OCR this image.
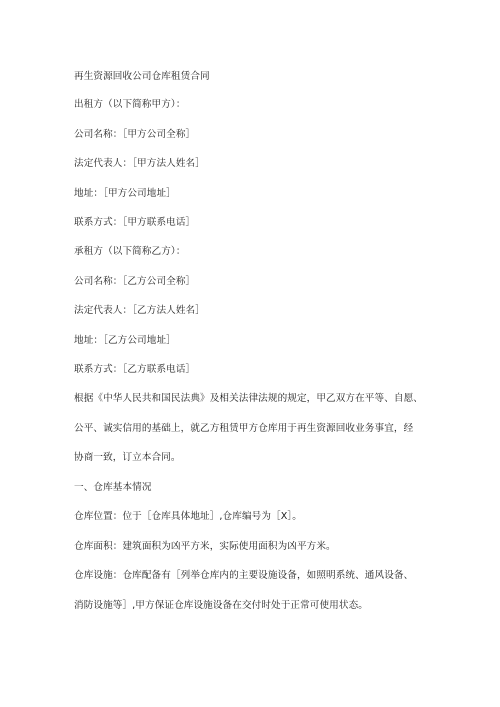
再生资源回收公司仓库租赁合同
出租方（以下简称甲方）：
公司名称：［甲方公司全称］
法定代表人：［甲方法人姓名］
地址：［甲方公司地址］
联系方式：［甲方联系电话］
承租方（以下简称乙方）：
公司名称：［乙方公司全称］
法定代表人：［乙方法人姓名］
地址：［乙方公司地址］
联系方式：［乙方联系电话］
根据《中华人民共和国民法典》及相关法律法规的规定，甲乙双方在平等、自愿、
公平、诚实信用的基础上，就乙方租赁甲方仓库用于再生资源回收业务事宜，经
协商一致，订立本合同。
一、仓库基本情况
仓库位置：位于［仓库具体地址］,仓库编号为［X］。
仓库面积：建筑面积为凶平方米，实际使用面积为凶平方米。
仓库设施：仓库配备有［列举仓库内的主要设施设备，如照明系统、通风设备、
消防设施等］,甲方保证仓库设施设备在交付时处于正常可使用状态。
